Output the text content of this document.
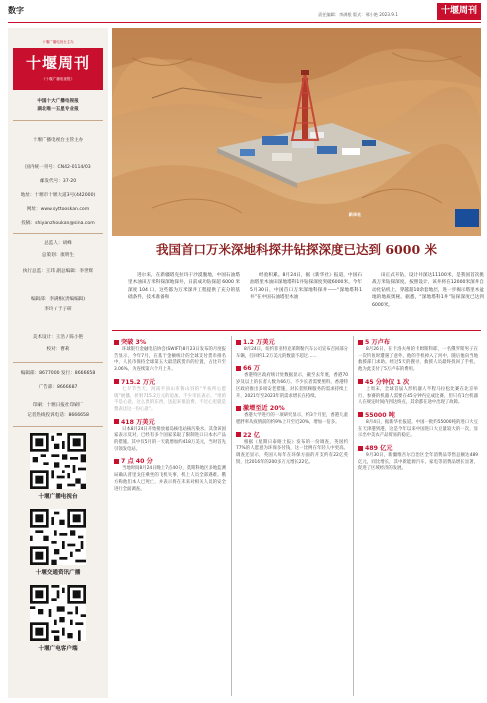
数字	责任编辑：李满根 版式：邢小艳 2023.9.1	十堰周刊
十堰广播电视台主办
十堰周刊
《十堰广播电视报》
中国十大广播电视报
湖北唯一五星专业报
十堰广播电视台主管主办
国内统一刊号：CN42-0114/03
邮发代号：37-20
地址：十堰市十堰大道3号(442000)
网址：www.syttooskan.com
投稿：shiyanzhoukan@sina.com
总监人：胡峰
总策划：康明生
执行总监：王玮 副总编辑：李世辉
编辑部：李满根(责编编辑)
李玲 / 于子研
美术设计：王浩 / 陈小艳
校对：曹莉
编辑部：8677000 发行：8666658
广告部：8666687
印刷：十堰日报社印刷厂
记者热线投诉电话：8666658
十堰广播电视台
十堰交通资讯广播
十堰广电客户端
新华社
我国首口万米深地科探井钻探深度已达到 6000 米
进尔来，在新疆塔克拉玛干沙漠腹地，中国石油塔里木油田万米科探深地探井，日前成功钻探超 6000 米深度 104 口，这些都为万米深井工程提供了充分的基础条件，技术准备和
经验积累。8月24日，据《新华社》报道，中国石油塔里木油田深地塔科1井钻探深度突破6000米。今年5月30日，中国首口万米深地科探井——“深地塔科1井”在中国石油塔里木油
田正式开钻，设计井深达11100米，是我国首次挑战万米钻探深度。按照设计，该井将在12000米深井自动化钻机上，穿越超10余套地层，进一步揭示塔里木盆地的地质奥秘。据悉，“深地塔科1井”钻探深度已达到6000米。
突破 3%
环球银行金融电信协会(SWIFT)8月23日发布的月度报告显示，今年7月，在基于金额统计的全球支付货币排名中，人民币保持全球第五大最活跃货币的位置，占比升至3.06%，为连续第六个月上升。
715.2 万元
七夕节当天，河南平顶山市鲁山县的“半扶所心愿墙”展播，折射715.2万元的追加。不少市民表示，“用的不是心意，这么贵的东西，送起来很浪费，不过心里就是想表达这一份心意”。
418 万美元
日本8月24日开始排放福岛核电站核污染水，其余该国家表示反对，已经有多个国家采取了限制进口日本水产品的措施。其中仅5月的一天就增加约418万美元，当时首先引领发电站。
7 点 40 分
当地时间8月24日晚上7点40分，莫斯科地区多地监测局确认普里戈任乘坐的飞机失事，机上人员全部遇难。俄方称他们本人已死亡，并表示将在未来对相关人员的安全进行全面调查。
1.2 万美元
8月24日，纽约菲亚特克莱斯勒汽车公司宣布召回部分车辆，召回约1.2万美元的数量不超过……
66 万
香港特区政府统计处数据显示，截至去年底，香港70岁及以上的长者人数为66万。不少长者需要照料，香港特区政府推出多项安老措施，对长者照顾服务的需求持续上升，2021年至2023年的需求增长在持续。
激增至近 20%
香港大学进行的一项研究显示，约3个月里，香港儿童肥胖率从疫情前的约9%上升至近20%，增加一倍多。
22 亿
根据《星期日泰晤士报》发布的一份调查，英国约77%的人愿意为环保多付钱，这一比例在年轻人中更高。调查还显示，英国人每年在环保方面的开支约有22亿英镑，比2016年的200多万元增长22亿。
5 万卢布
8月26日，在卡洛夫州的卡姆斯科耶，一名俄罗斯男子在一次钓鱼时遭遇了意外，他的手机掉入了河中，随后他向当地救援部门求助。经过5天的搜寻，救援人员最终找回了手机，他为此支付了5万卢布的费用。
45 分钟仅 1 次
上周末，全球首届人形机器人半程马拉松比赛在北京举行，参赛的机器人需要在45分钟内完成比赛，但只有1台机器人在规定时间内到达终点，其余都在途中出现了故障。
55000 吨
8月4日，据新华社报道，中国一批约55000吨的进口大豆在天津港到港，这是今年以来中国进口大豆量较大的一次，显示出中美农产品贸易的稳定。
489 亿元
9月30日，新疆维吾尔自治区全年消费品零售总额达489亿元，同比增长，其中新能源汽车、家电等消费品增长显著，促进了区域经济的发展。
